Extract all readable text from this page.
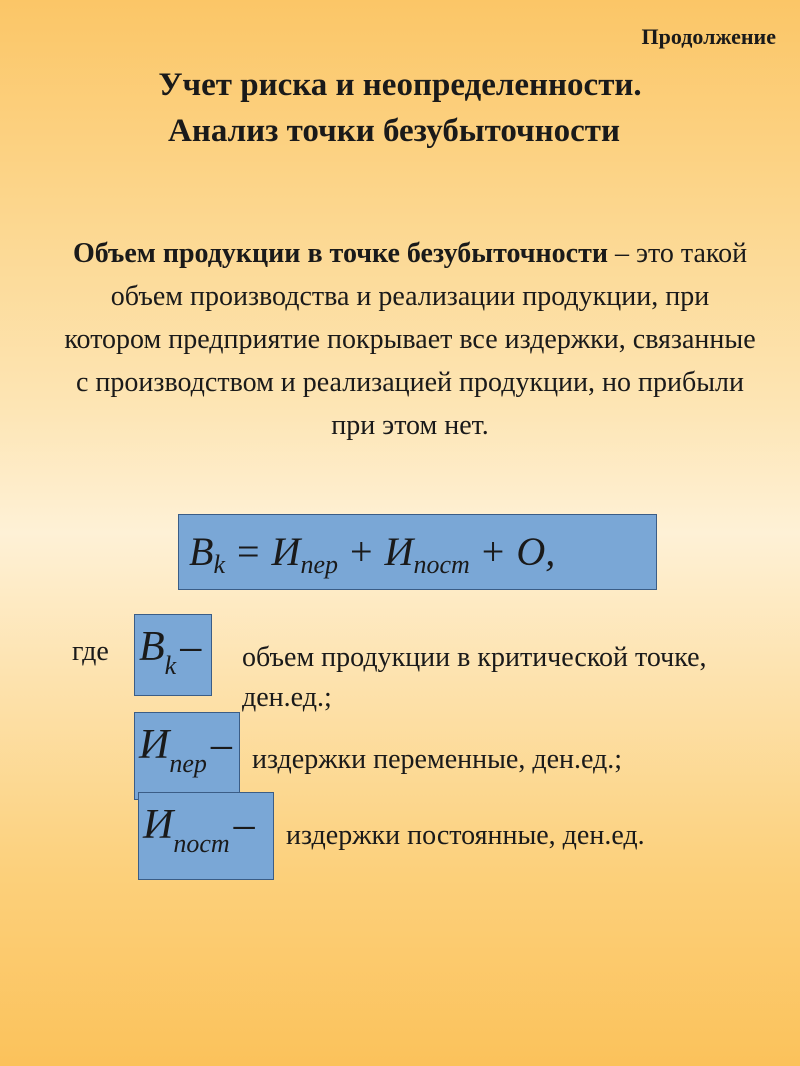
Продолжение
Учет риска и неопределенности.
Анализ точки безубыточности
Объем продукции в точке безубыточности – это такой объем производства и реализации продукции, при котором предприятие покрывает все издержки, связанные с производством и реализацией продукции, но прибыли при этом нет.
$B_k = И_{пер} + И_{пост} + O$,
где $B_k-$	объем продукции в критической точке, ден.ед.;
$И_{пер}-$ издержки переменные, ден.ед.;
$И_{пост}-$	издержки постоянные, ден.ед.
